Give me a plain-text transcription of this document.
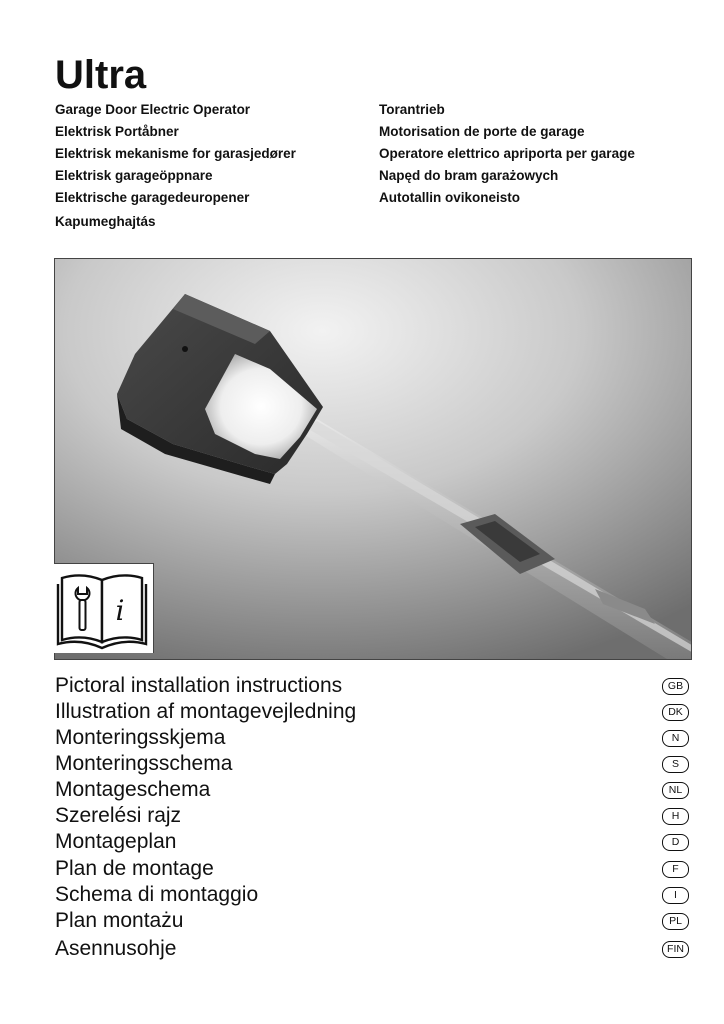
Ultra
Garage Door Electric Operator
Elektrisk Portåbner
Elektrisk mekanisme for garasjedører
Elektrisk garageöppnare
Elektrische garagedeuropener
Kapumeghajtás
Torantrieb
Motorisation de porte de garage
Operatore elettrico apriporta per garage
Napęd do bram garażowych
Autotallin ovikoneisto
i
Pictoral installation instructions	GB
Illustration af montagevejledning	DK
Monteringsskjema	N
Monteringsschema	S
Montageschema	NL
Szerelési rajz	H
Montageplan	D
Plan de montage	F
Schema di montaggio	I
Plan montażu	PL
Asennusohje	FIN
